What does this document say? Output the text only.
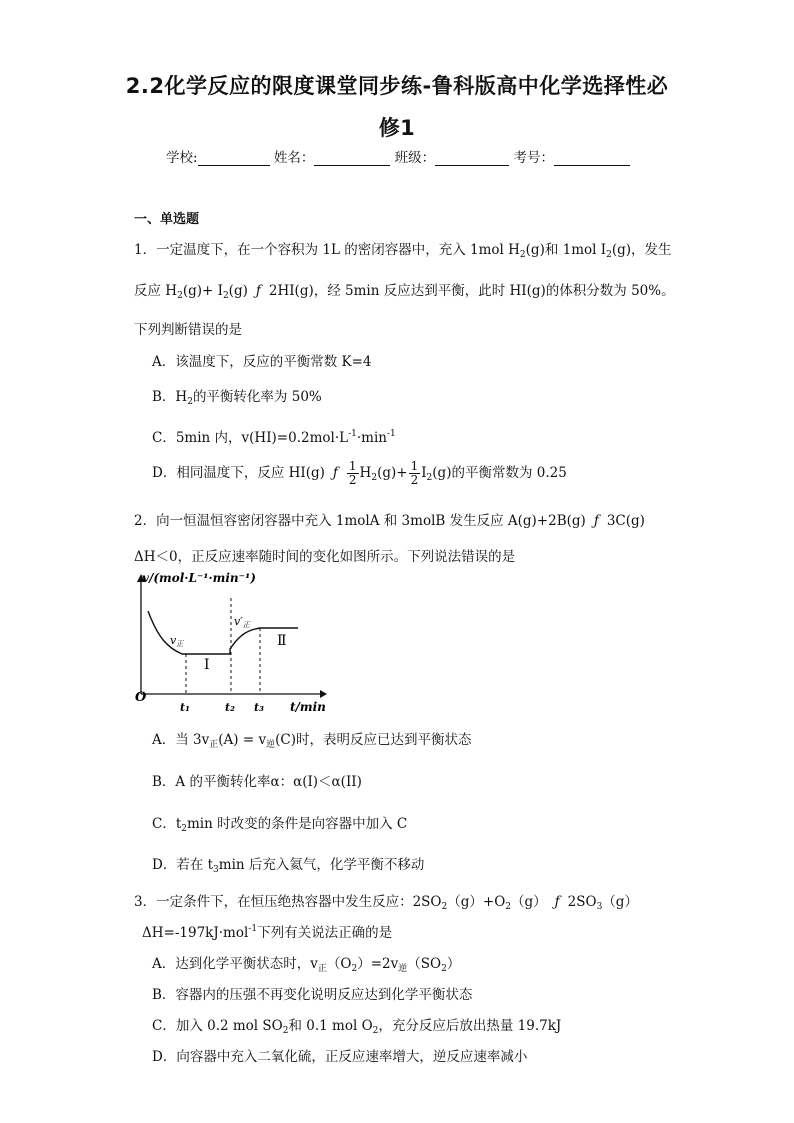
2.2化学反应的限度课堂同步练-鲁科版高中化学选择性必
修1
学校:	姓名：	班级：	考号：
一、单选题
1．一定温度下，在一个容积为 1L 的密闭容器中，充入 1mol $H_2(g)$和 1mol $I_2(g)$，发生
反应 $H_2(g)+ I_2(g)$ ƒ 2HI(g)，经 5min 反应达到平衡，此时 HI(g)的体积分数为 50%。
下列判断错误的是
A．该温度下，反应的平衡常数 K=4
B．$H_2$的平衡转化率为 50%
C．5min 内，$v(HI)=0.2mol\cdot L^{-1}\cdot\min^{-1}$
D．相同温度下，反应 HI(g) ƒ $\frac{1}{2} H_2(g)+ \frac{1}{2} I_2(g)$的平衡常数为 0.25
2．向一恒温恒容密闭容器中充入 1molA 和 3molB 发生反应 A(g)+2B(g) ƒ 3C(g)
ΔH＜0，正反应速率随时间的变化如图所示。下列说法错误的是
v/(mol·L⁻¹·min⁻¹)
t/min
O
v正
v′正
I
Ⅱ
t₁	t₂ t₃
A．当 $3v_正(A) = v_逆(C)$时，表明反应已达到平衡状态
B．A 的平衡转化率α：α(I)＜α(II)
C．$t_2\min$ 时改变的条件是向容器中加入 C
D．若在 $t_3\min$ 后充入氦气，化学平衡不移动
3．一定条件下，在恒压绝热容器中发生反应：$2SO_2(g)+O_2(g)$ ƒ $2SO_3(g)$
ΔH=-197kJ·mol$^{-1}$下列有关说法正确的是
A．达到化学平衡状态时，$v_正(O_2)=2v_逆(SO_2)$
B．容器内的压强不再变化说明反应达到化学平衡状态
C．加入 0.2 mol $SO_2$和 0.1 mol $O_2$，充分反应后放出热量 19.7kJ
D．向容器中充入二氧化硫，正反应速率增大，逆反应速率减小
